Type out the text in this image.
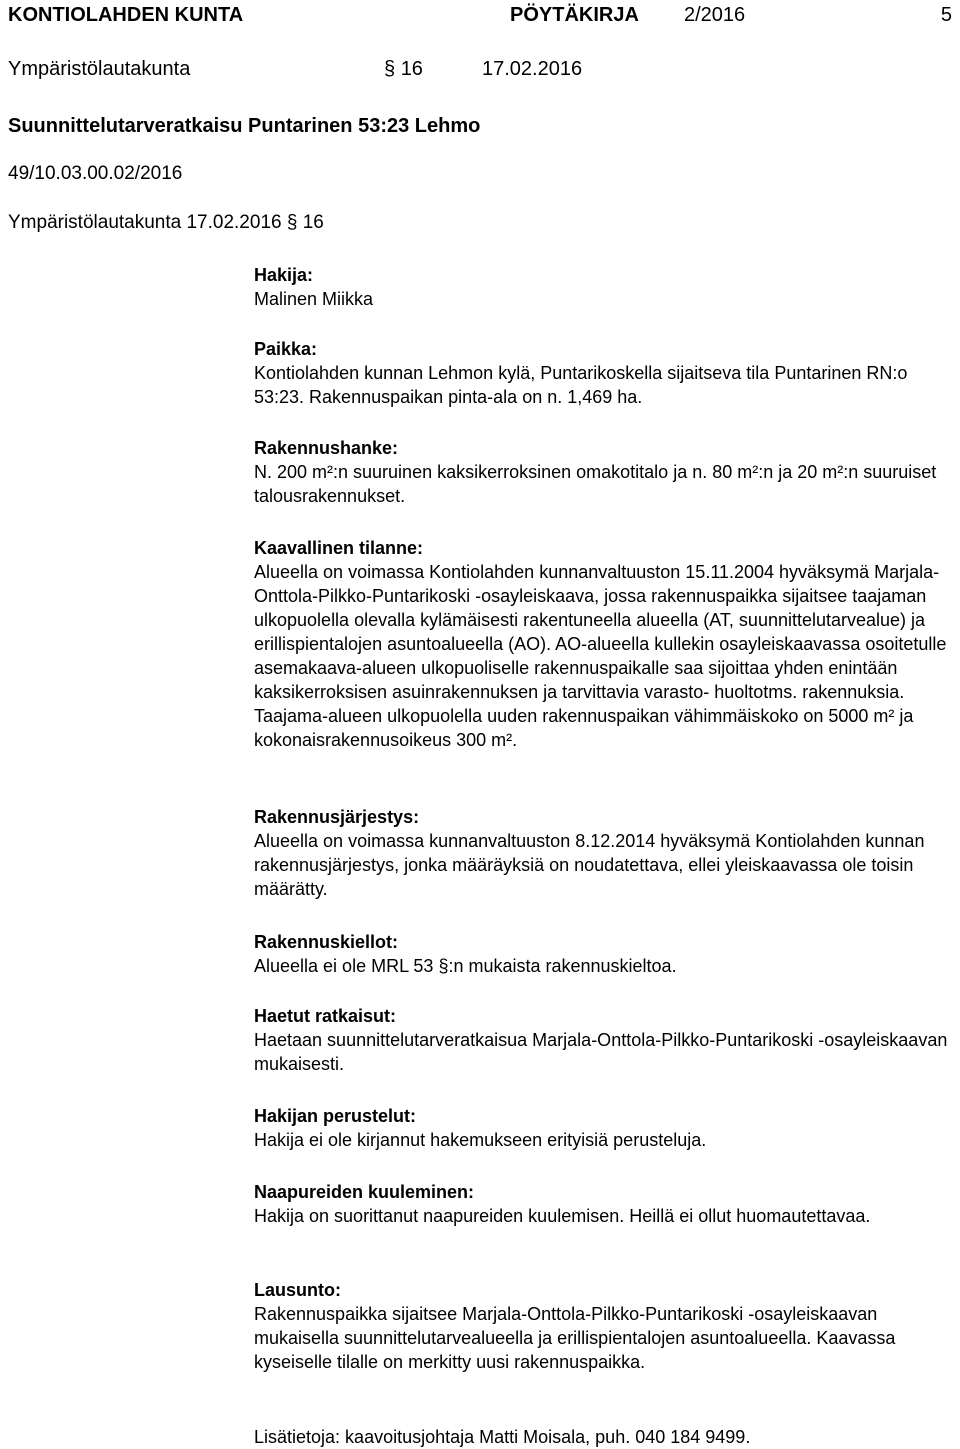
KONTIOLAHDEN KUNTA	PÖYTÄKIRJA 2/2016	5
Ympäristölautakunta	§ 16	17.02.2016
Suunnittelutarveratkaisu Puntarinen 53:23 Lehmo
49/10.03.00.02/2016
Ympäristölautakunta 17.02.2016 § 16
Hakija:

Malinen Miikka

Paikka:

Kontiolahden kunnan Lehmon kylä, Puntarikoskella sijaitseva tila Puntarinen RN:o 53:23. Rakennuspaikan pinta-ala on n. 1,469 ha.

Rakennushanke:

N. 200 m²:n suuruinen kaksikerroksinen omakotitalo ja n. 80 m²:n ja 20 m²:n suuruiset talousrakennukset.

Kaavallinen tilanne:

Alueella on voimassa Kontiolahden kunnanvaltuuston 15.11.2004 hyväksymä Marjala-Onttola-Pilkko-Puntarikoski -osayleiskaava, jossa rakennuspaikka sijaitsee taajaman ulkopuolella olevalla kylämäisesti rakentuneella alueella (AT, suunnittelutarvealue) ja erillispientalojen asuntoalueella (AO). AO-alueella kullekin osayleiskaavassa osoitetulle asemakaava-alueen ulkopuoliselle rakennuspaikalle saa sijoittaa yhden enintään kaksikerroksisen asuinrakennuksen ja tarvittavia varasto- huoltotms. rakennuksia. Taajama-alueen ulkopuolella uuden rakennuspaikan vähimmäiskoko on 5000 m² ja kokonaisrakennusoikeus 300 m².

Rakennusjärjestys:

Alueella on voimassa kunnanvaltuuston 8.12.2014 hyväksymä Kontiolahden kunnan rakennusjärjestys, jonka määräyksiä on noudatettava, ellei yleiskaavassa ole toisin määrätty.

Rakennuskiellot:

Alueella ei ole MRL 53 §:n mukaista rakennuskieltoa.

Haetut ratkaisut:

Haetaan suunnittelutarveratkaisua Marjala-Onttola-Pilkko-Puntarikoski -osayleiskaavan mukaisesti.

Hakijan perustelut:

Hakija ei ole kirjannut hakemukseen erityisiä perusteluja.

Naapureiden kuuleminen:

Hakija on suorittanut naapureiden kuulemisen. Heillä ei ollut huomautettavaa.

Lausunto:

Rakennuspaikka sijaitsee Marjala-Onttola-Pilkko-Puntarikoski -osayleiskaavan mukaisella suunnittelutarvealueella ja erillispientalojen asuntoalueella. Kaavassa kyseiselle tilalle on merkitty uusi rakennuspaikka.

Lisätietoja: kaavoitusjohtaja Matti Moisala, puh. 040 184 9499.
